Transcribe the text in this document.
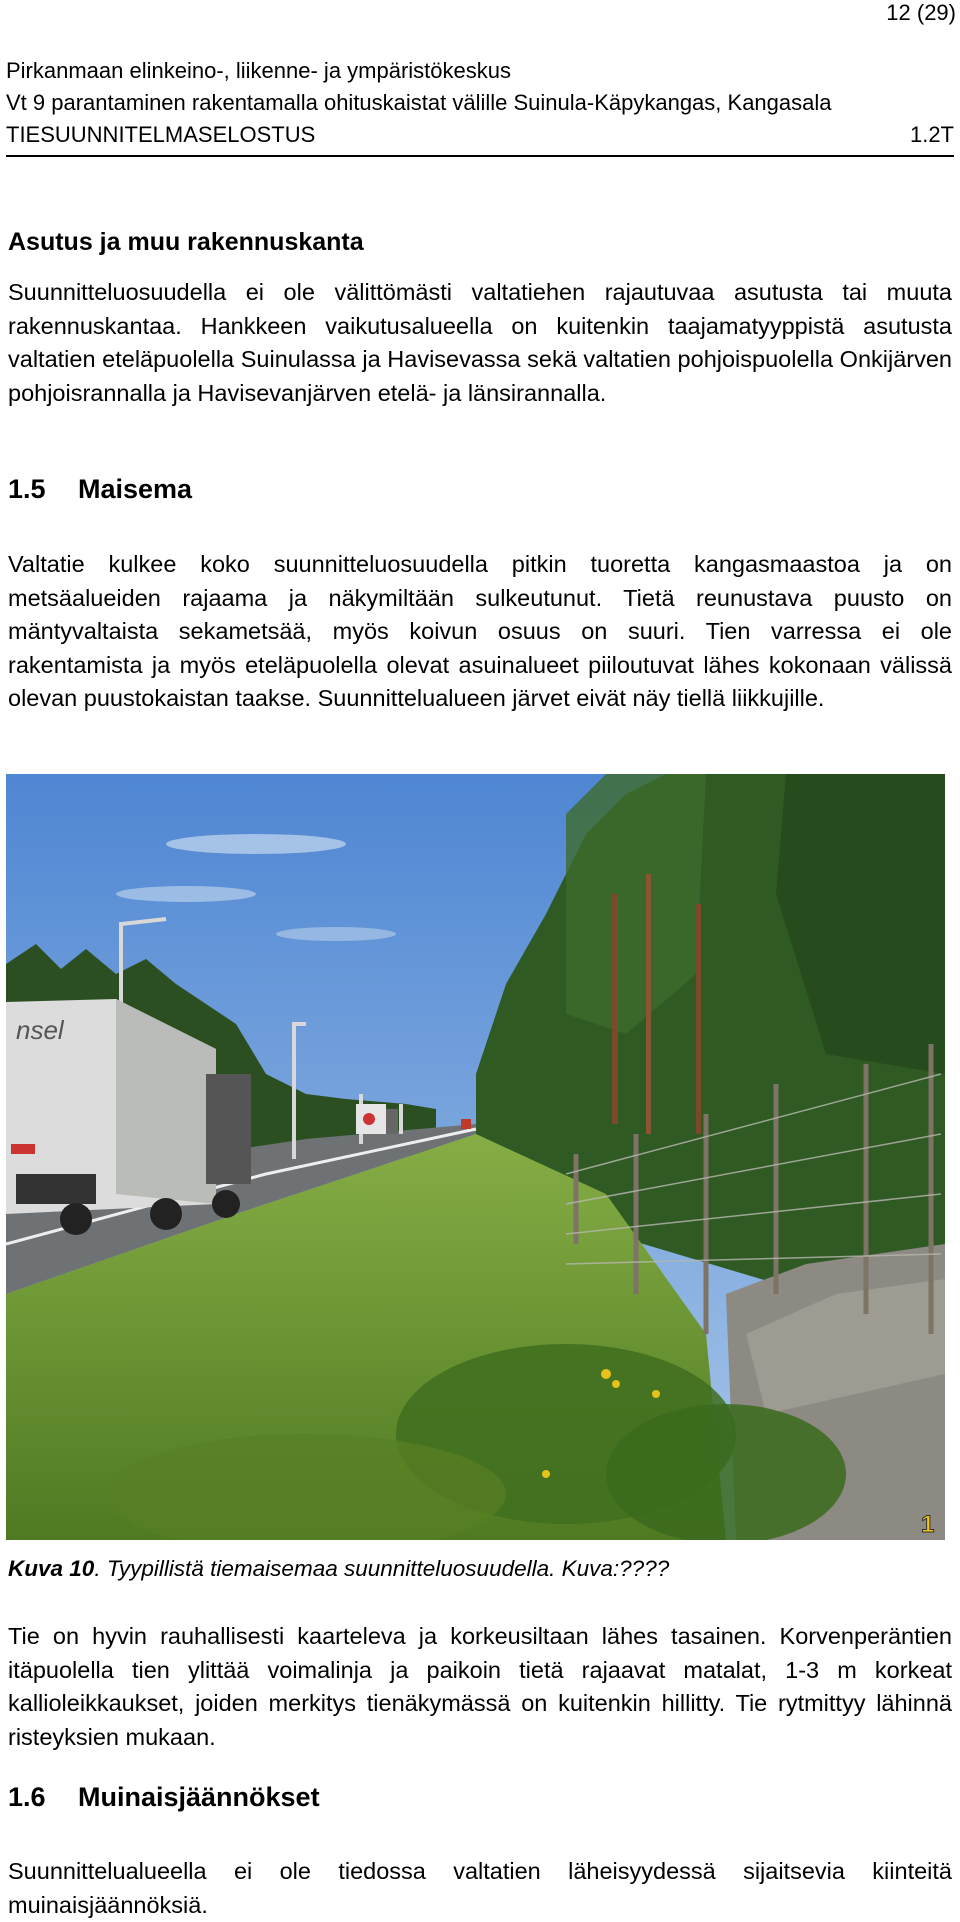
12 (29)
Pirkanmaan elinkeino-, liikenne- ja ympäristökeskus
Vt 9 parantaminen rakentamalla ohituskaistat välille Suinula-Käpykangas, Kangasala
TIESUUNNITELMASELOSTUS	1.2T
Asutus ja muu rakennuskanta

Suunnitteluosuudella ei ole välittömästi valtatiehen rajautuvaa asutusta tai muuta rakennuskantaa. Hankkeen vaikutusalueella on kuitenkin taajamatyyppistä asutusta valtatien eteläpuolella Suinulassa ja Havisevassa sekä valtatien pohjoispuolella Onkijärven pohjoisrannalla ja Havisevanjärven etelä- ja länsirannalla.

1.5	Maisema

Valtatie kulkee koko suunnitteluosuudella pitkin tuoretta kangasmaastoa ja on metsäalueiden rajaama ja näkymiltään sulkeutunut. Tietä reunustava puusto on mäntyvaltaista sekametsää, myös koivun osuus on suuri. Tien varressa ei ole rakentamista ja myös eteläpuolella olevat asuinalueet piiloutuvat lähes kokonaan välissä olevan puustokaistan taakse. Suunnittelualueen järvet eivät näy tiellä liikkujille.

nsel
1
Kuva 10. Tyypillistä tiemaisemaa suunnitteluosuudella. Kuva:????

Tie on hyvin rauhallisesti kaarteleva ja korkeusiltaan lähes tasainen. Korvenperäntien itäpuolella tien ylittää voimalinja ja paikoin tietä rajaavat matalat, 1-3 m korkeat kallioleikkaukset, joiden merkitys tienäkymässä on kuitenkin hillitty. Tie rytmittyy lähinnä risteyksien mukaan.

1.6	Muinaisjäännökset

Suunnittelualueella ei ole tiedossa valtatien läheisyydessä sijaitsevia kiinteitä muinaisjäännöksiä.
